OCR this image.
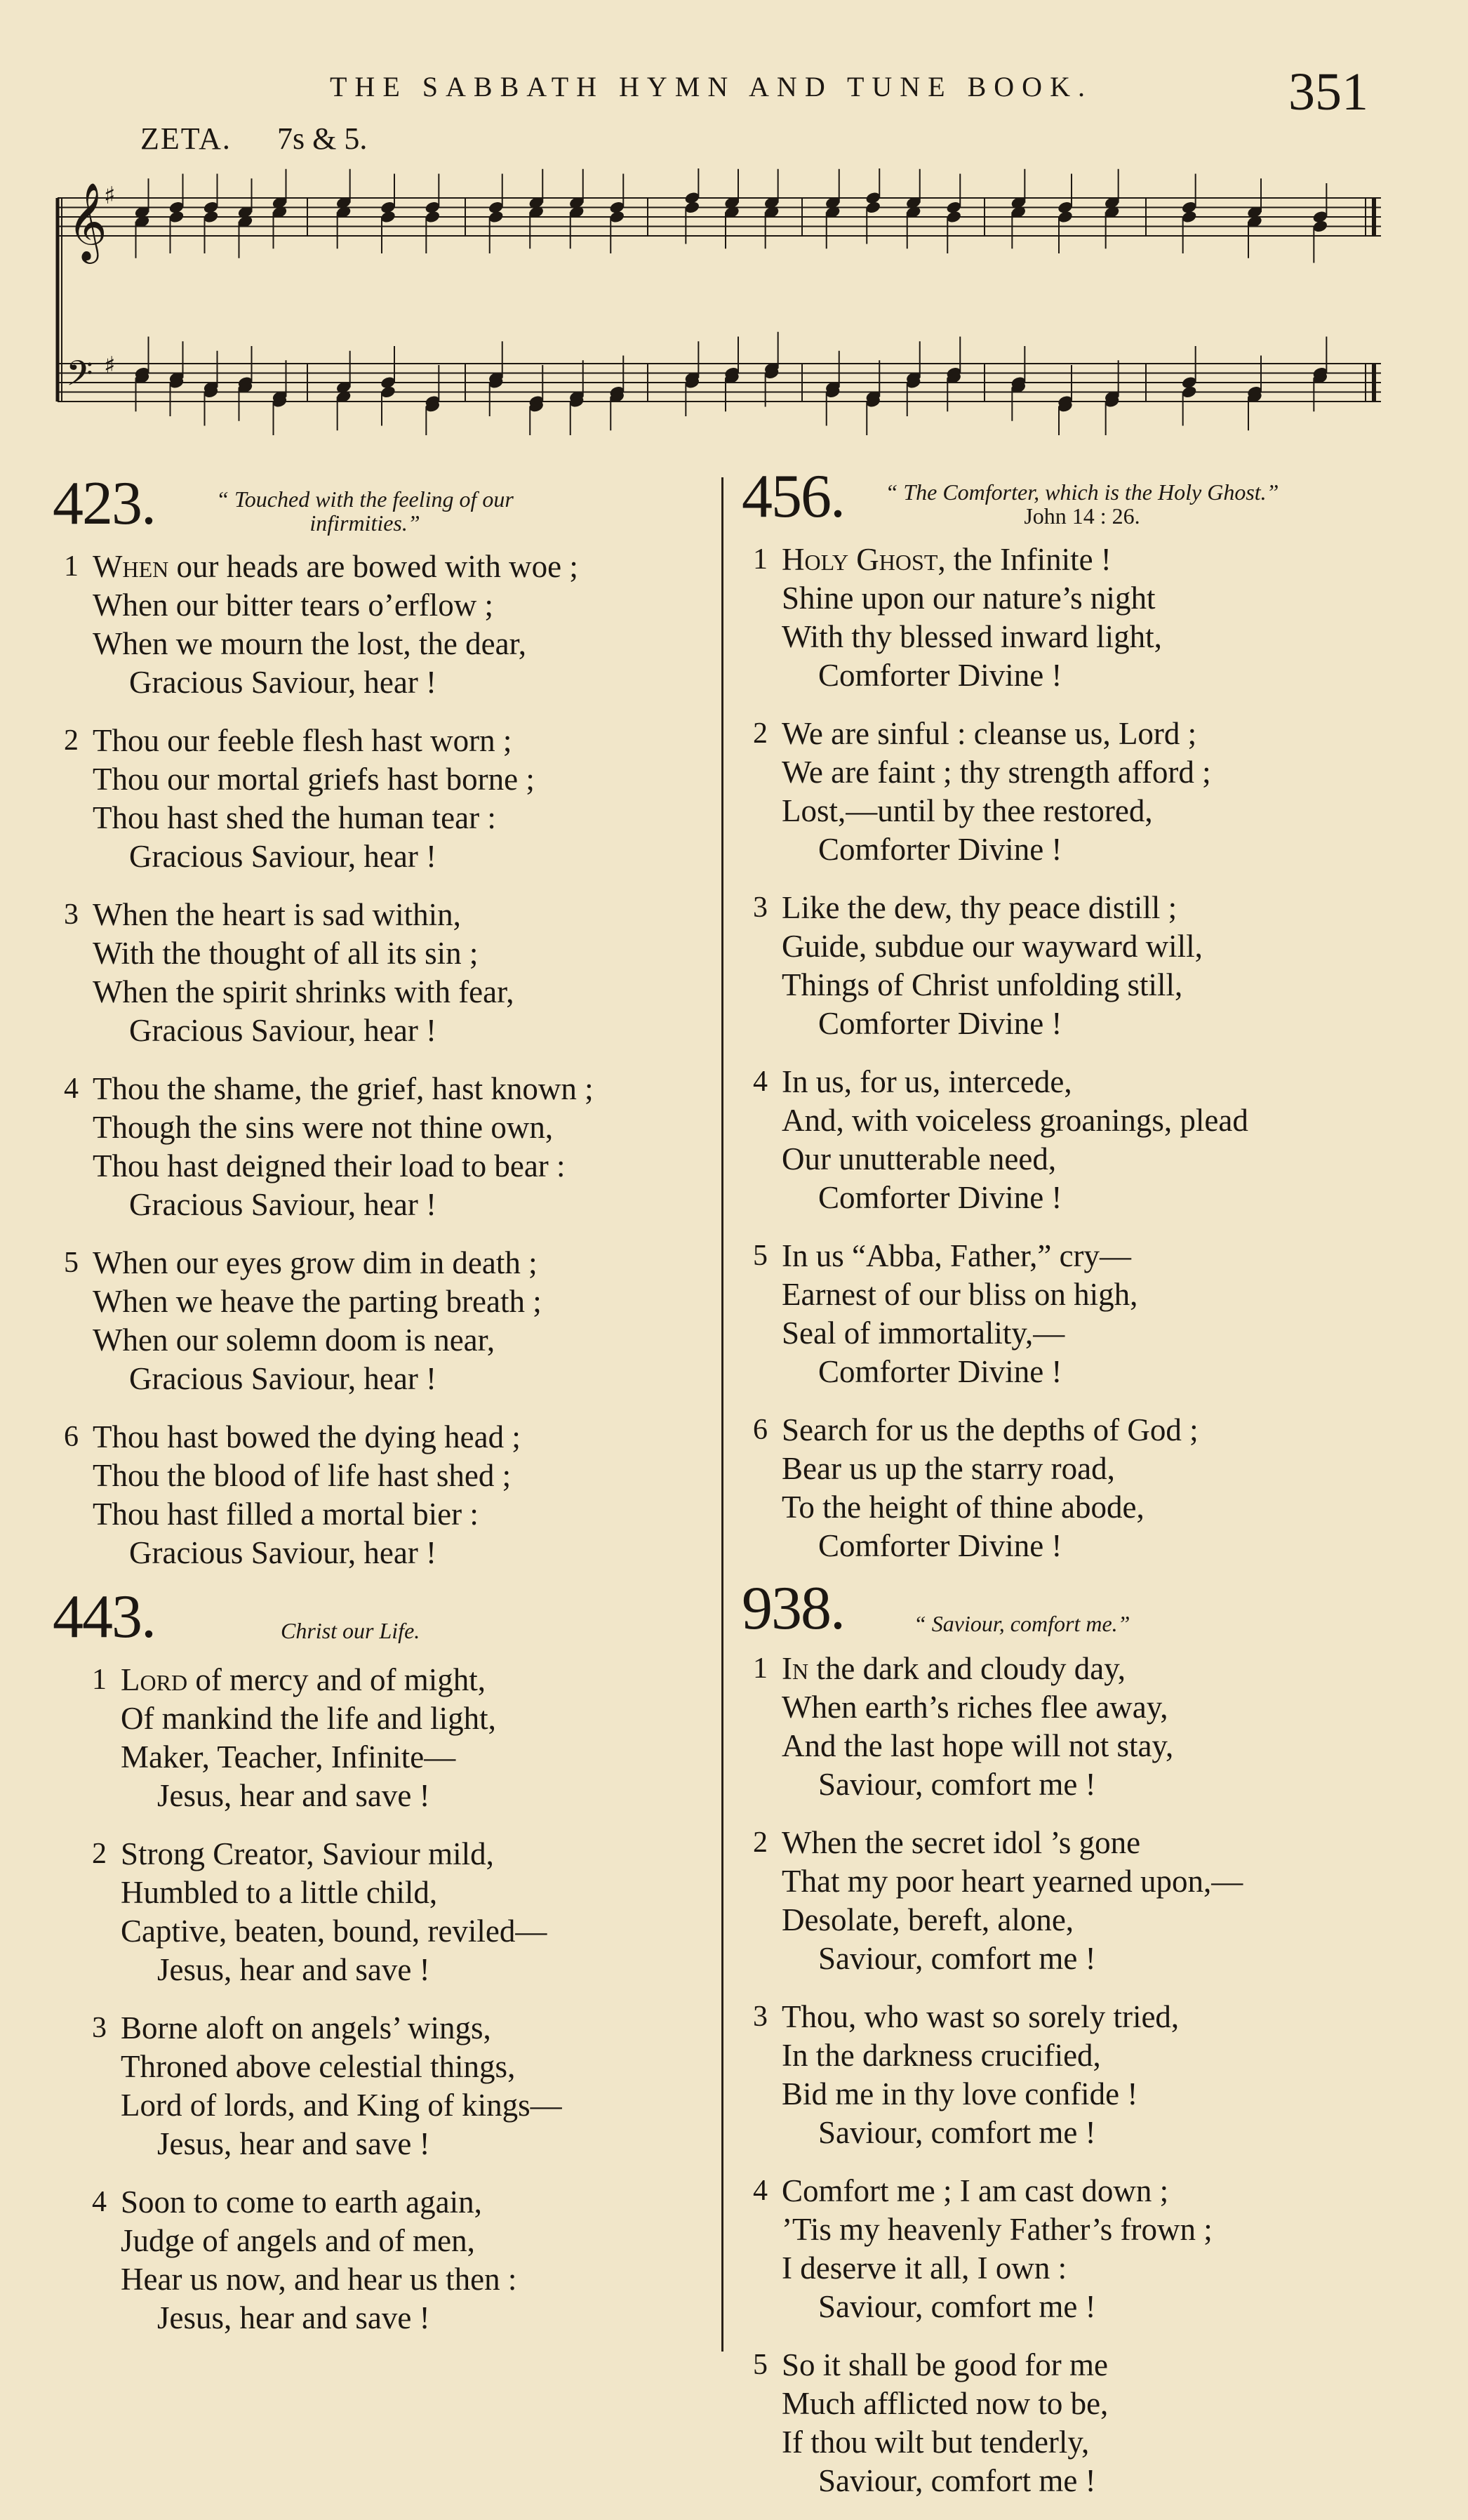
THE SABBATH HYMN AND TUNE BOOK.	351
ZETA. 7s & 5.
𝄞
𝄢
♯
♯
423.	“ Touched with the feeling of our
infirmities.”
1 When our heads are bowed with woe ;
When our bitter tears o’erflow ;
When we mourn the lost, the dear,
Gracious Saviour, hear !
2 Thou our feeble flesh hast worn ;
Thou our mortal griefs hast borne ;
Thou hast shed the human tear :
Gracious Saviour, hear !
3 When the heart is sad within,
With the thought of all its sin ;
When the spirit shrinks with fear,
Gracious Saviour, hear !
4 Thou the shame, the grief, hast known ;
Though the sins were not thine own,
Thou hast deigned their load to bear :
Gracious Saviour, hear !
5 When our eyes grow dim in death ;
When we heave the parting breath ;
When our solemn doom is near,
Gracious Saviour, hear !
6 Thou hast bowed the dying head ;
Thou the blood of life hast shed ;
Thou hast filled a mortal bier :
Gracious Saviour, hear !
443.	Christ our Life.
1 Lord of mercy and of might,
Of mankind the life and light,
Maker, Teacher, Infinite—
Jesus, hear and save !
2 Strong Creator, Saviour mild,
Humbled to a little child,
Captive, beaten, bound, reviled—
Jesus, hear and save !
3 Borne aloft on angels’ wings,
Throned above celestial things,
Lord of lords, and King of kings—
Jesus, hear and save !
4 Soon to come to earth again,
Judge of angels and of men,
Hear us now, and hear us then :
Jesus, hear and save !
456.	“ The Comforter, which is the Holy Ghost.”
John 14 : 26.
1 Holy Ghost, the Infinite !
Shine upon our nature’s night
With thy blessed inward light,
Comforter Divine !
2 We are sinful : cleanse us, Lord ;
We are faint ; thy strength afford ;
Lost,—until by thee restored,
Comforter Divine !
3 Like the dew, thy peace distill ;
Guide, subdue our wayward will,
Things of Christ unfolding still,
Comforter Divine !
4 In us, for us, intercede,
And, with voiceless groanings, plead
Our unutterable need,
Comforter Divine !
5 In us “Abba, Father,” cry—
Earnest of our bliss on high,
Seal of immortality,—
Comforter Divine !
6 Search for us the depths of God ;
Bear us up the starry road,
To the height of thine abode,
Comforter Divine !
938.	“ Saviour, comfort me.”
1 In the dark and cloudy day,
When earth’s riches flee away,
And the last hope will not stay,
Saviour, comfort me !
2 When the secret idol ’s gone
That my poor heart yearned upon,—
Desolate, bereft, alone,
Saviour, comfort me !
3 Thou, who wast so sorely tried,
In the darkness crucified,
Bid me in thy love confide !
Saviour, comfort me !
4 Comfort me ; I am cast down ;
’Tis my heavenly Father’s frown ;
I deserve it all, I own :
Saviour, comfort me !
5 So it shall be good for me
Much afflicted now to be,
If thou wilt but tenderly,
Saviour, comfort me !
